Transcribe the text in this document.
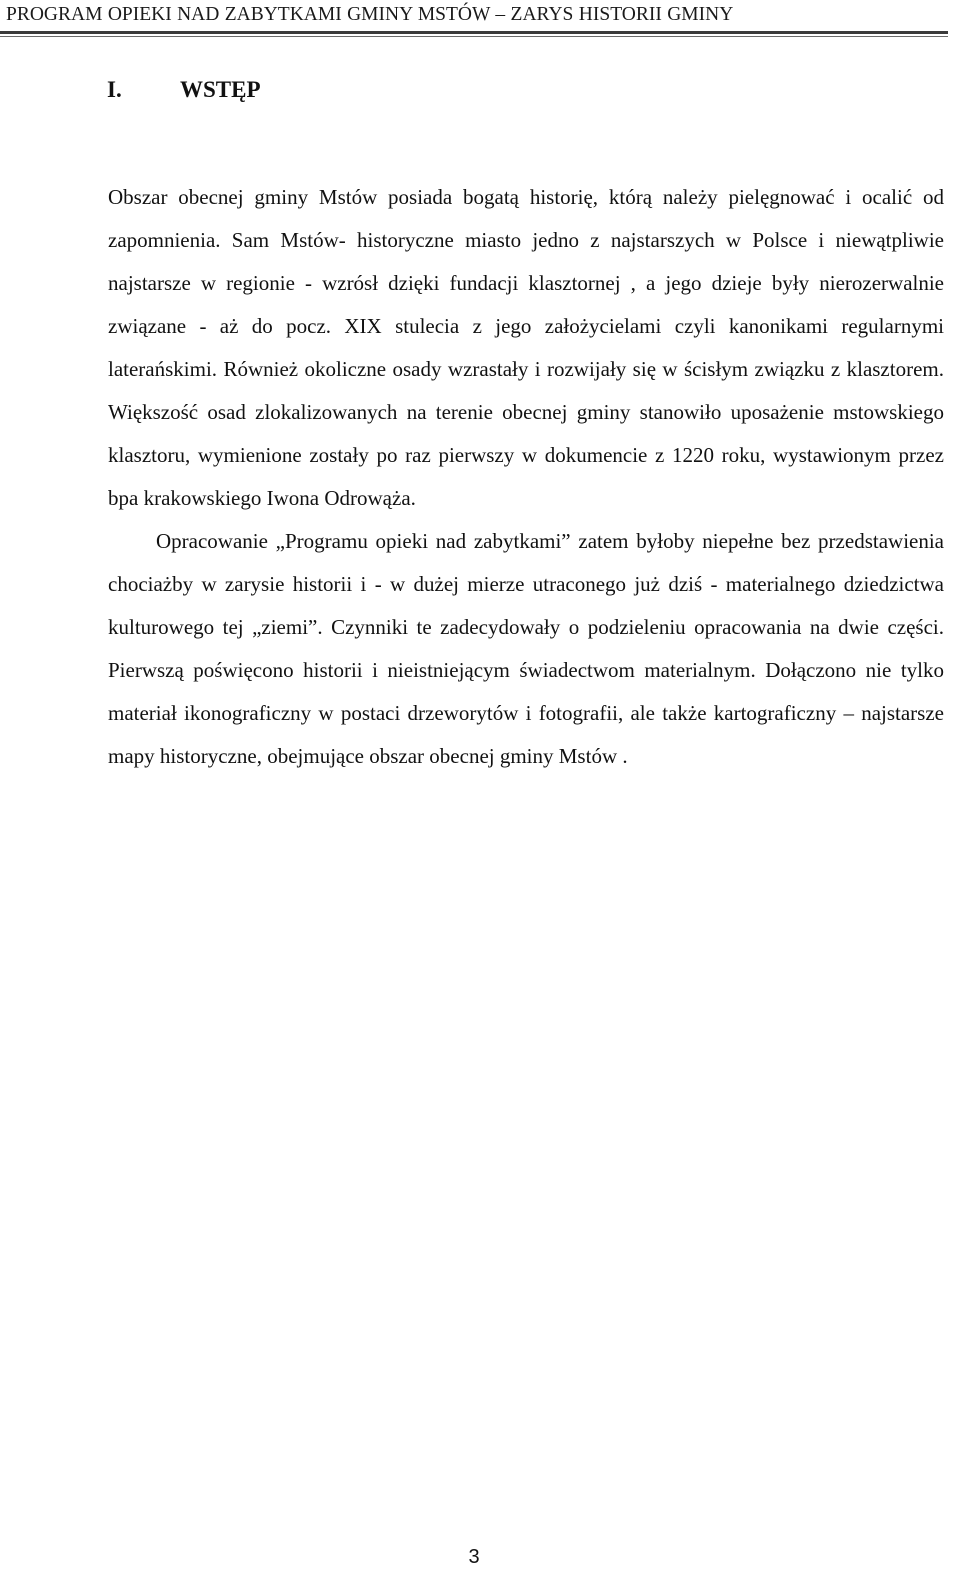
PROGRAM OPIEKI NAD ZABYTKAMI GMINY MSTÓW – ZARYS HISTORII GMINY
I.	WSTĘP

Obszar obecnej gminy Mstów posiada bogatą historię, którą należy pielęgnować i ocalić od zapomnienia. Sam Mstów- historyczne miasto jedno z najstarszych w Polsce i niewątpliwie najstarsze w regionie - wzrósł dzięki fundacji klasztornej , a jego dzieje były nierozerwalnie związane - aż do pocz. XIX stulecia z jego założycielami czyli kanonikami regularnymi laterańskimi. Również okoliczne osady wzrastały i rozwijały się w ścisłym związku z klasztorem. Większość osad zlokalizowanych na terenie obecnej gminy stanowiło uposażenie mstowskiego klasztoru, wymienione zostały po raz pierwszy w dokumencie z 1220 roku, wystawionym przez bpa krakowskiego Iwona Odrowąża.

Opracowanie „Programu opieki nad zabytkami” zatem byłoby niepełne bez przedstawienia chociażby w zarysie historii i - w dużej mierze utraconego już dziś - materialnego dziedzictwa kulturowego tej „ziemi”. Czynniki te zadecydowały o podzieleniu opracowania na dwie części. Pierwszą poświęcono historii i nieistniejącym świadectwom materialnym. Dołączono nie tylko materiał ikonograficzny w postaci drzeworytów i fotografii, ale także kartograficzny – najstarsze mapy historyczne, obejmujące obszar obecnej gminy Mstów .

3
